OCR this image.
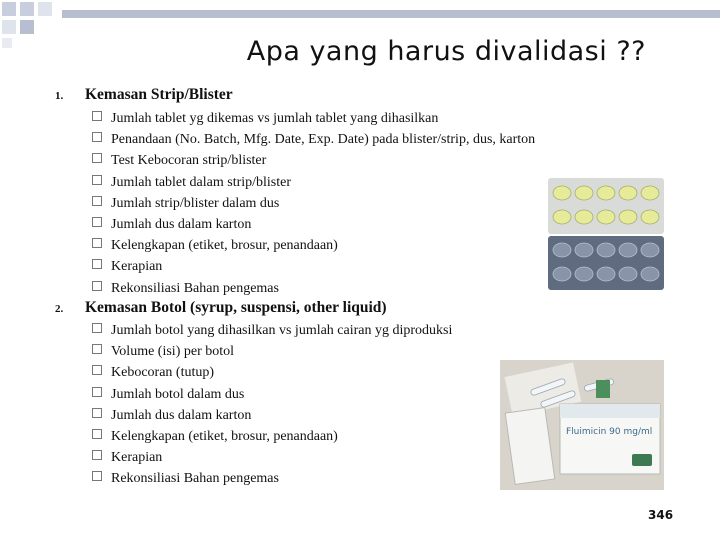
Apa yang harus divalidasi ??
1. Kemasan Strip/Blister
Jumlah tablet yg dikemas vs jumlah tablet yang dihasilkan
Penandaan (No. Batch, Mfg. Date, Exp. Date) pada blister/strip, dus, karton
Test Kebocoran strip/blister
Jumlah tablet dalam strip/blister
Jumlah strip/blister dalam dus
Jumlah dus dalam karton
Kelengkapan (etiket, brosur, penandaan)
Kerapian
Rekonsiliasi Bahan pengemas
2. Kemasan Botol (syrup, suspensi, other liquid)
Jumlah botol yang dihasilkan vs jumlah cairan yg diproduksi
Volume (isi) per botol
Kebocoran (tutup)
Jumlah botol dalam dus
Jumlah dus dalam karton
Kelengkapan (etiket, brosur, penandaan)
Kerapian
Rekonsiliasi Bahan pengemas
Fluimicin 90 mg/ml
346
